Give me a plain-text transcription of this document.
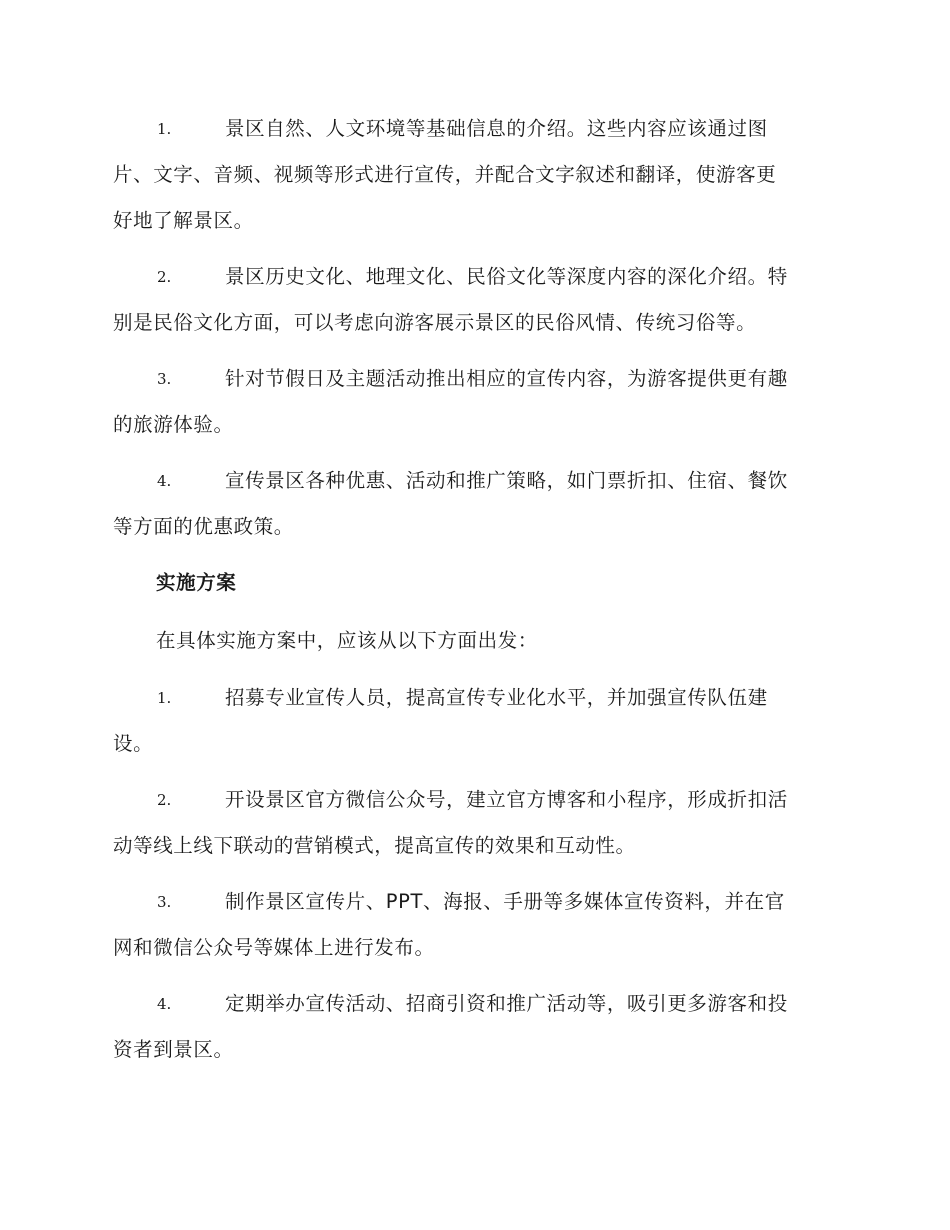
1.	景区自然、人文环境等基础信息的介绍。这些内容应该通过图
片、文字、音频、视频等形式进行宣传，并配合文字叙述和翻译，使游客更
好地了解景区。
2.	景区历史文化、地理文化、民俗文化等深度内容的深化介绍。特
别是民俗文化方面，可以考虑向游客展示景区的民俗风情、传统习俗等。
3.	针对节假日及主题活动推出相应的宣传内容，为游客提供更有趣
的旅游体验。
4.	宣传景区各种优惠、活动和推广策略，如门票折扣、住宿、餐饮
等方面的优惠政策。
实施方案
在具体实施方案中，应该从以下方面出发：
1.	招募专业宣传人员，提高宣传专业化水平，并加强宣传队伍建
设。
2.	开设景区官方微信公众号，建立官方博客和小程序，形成折扣活
动等线上线下联动的营销模式，提高宣传的效果和互动性。
3.	制作景区宣传片、PPT、海报、手册等多媒体宣传资料，并在官
网和微信公众号等媒体上进行发布。
4.	定期举办宣传活动、招商引资和推广活动等，吸引更多游客和投
资者到景区。
